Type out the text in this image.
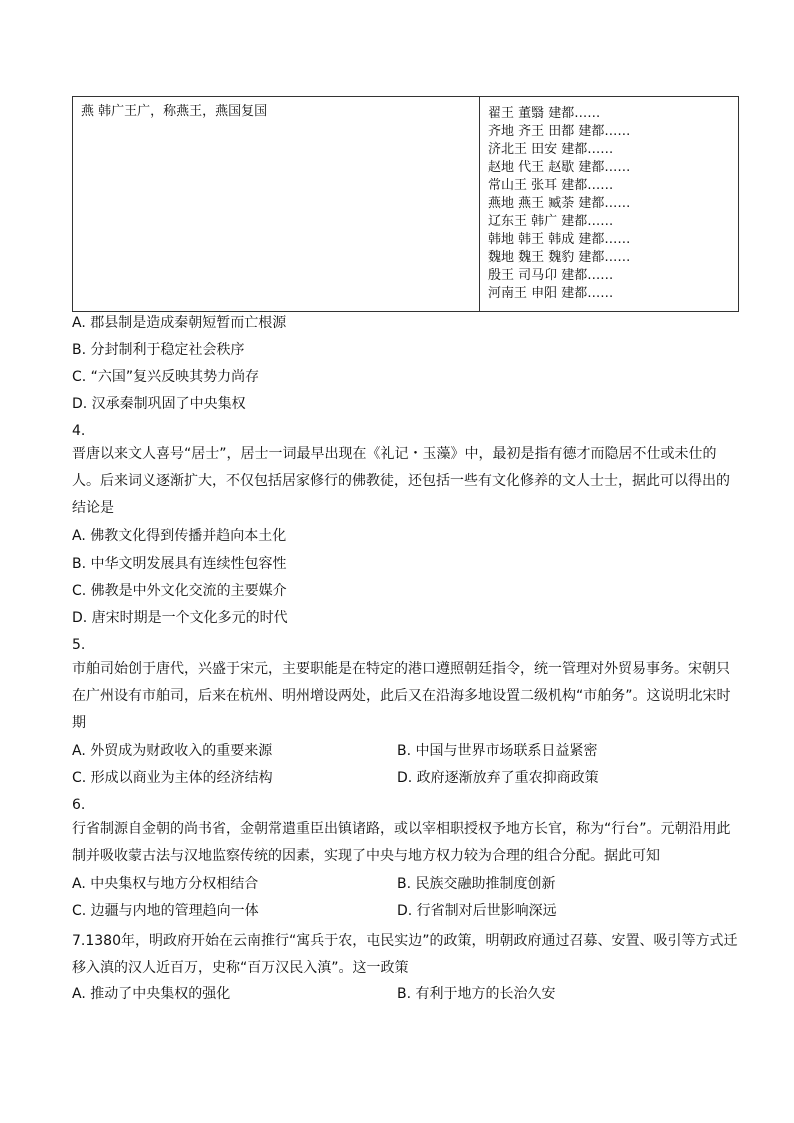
燕 韩广王广，称燕王，燕国复国	翟王 董翳 建都……
齐地 齐王 田都 建都……
济北王 田安 建都……
赵地 代王 赵歇 建都……
常山王 张耳 建都……
燕地 燕王 臧荼 建都……
辽东王 韩广 建都……
韩地 韩王 韩成 建都……
魏地 魏王 魏豹 建都……
殷王 司马卬 建都……
河南王 申阳 建都……
A. 郡县制是造成秦朝短暂而亡根源
B. 分封制利于稳定社会秩序
C. “六国”复兴反映其势力尚存
D. 汉承秦制巩固了中央集权
4.
晋唐以来文人喜号“居士”，居士一词最早出现在《礼记・玉藻》中，最初是指有德才而隐居不仕或未仕的人。后来词义逐渐扩大，不仅包括居家修行的佛教徒，还包括一些有文化修养的文人士士，据此可以得出的结论是
A. 佛教文化得到传播并趋向本土化
B. 中华文明发展具有连续性包容性
C. 佛教是中外文化交流的主要媒介
D. 唐宋时期是一个文化多元的时代
5.
市舶司始创于唐代，兴盛于宋元，主要职能是在特定的港口遵照朝廷指令，统一管理对外贸易事务。宋朝只在广州设有市舶司，后来在杭州、明州增设两处，此后又在沿海多地设置二级机构“市舶务”。这说明北宋时期
A. 外贸成为财政收入的重要来源	B. 中国与世界市场联系日益紧密
C. 形成以商业为主体的经济结构	D. 政府逐渐放弃了重农抑商政策
6.
行省制源自金朝的尚书省，金朝常遣重臣出镇诸路，或以宰相职授权予地方长官，称为“行台”。元朝沿用此制并吸收蒙古法与汉地监察传统的因素，实现了中央与地方权力较为合理的组合分配。据此可知
A. 中央集权与地方分权相结合	B. 民族交融助推制度创新
C. 边疆与内地的管理趋向一体	D. 行省制对后世影响深远
7.1380年，明政府开始在云南推行“寓兵于农，屯民实边”的政策，明朝政府通过召募、安置、吸引等方式迁移入滇的汉人近百万，史称“百万汉民入滇”。这一政策
A. 推动了中央集权的强化	B. 有利于地方的长治久安
